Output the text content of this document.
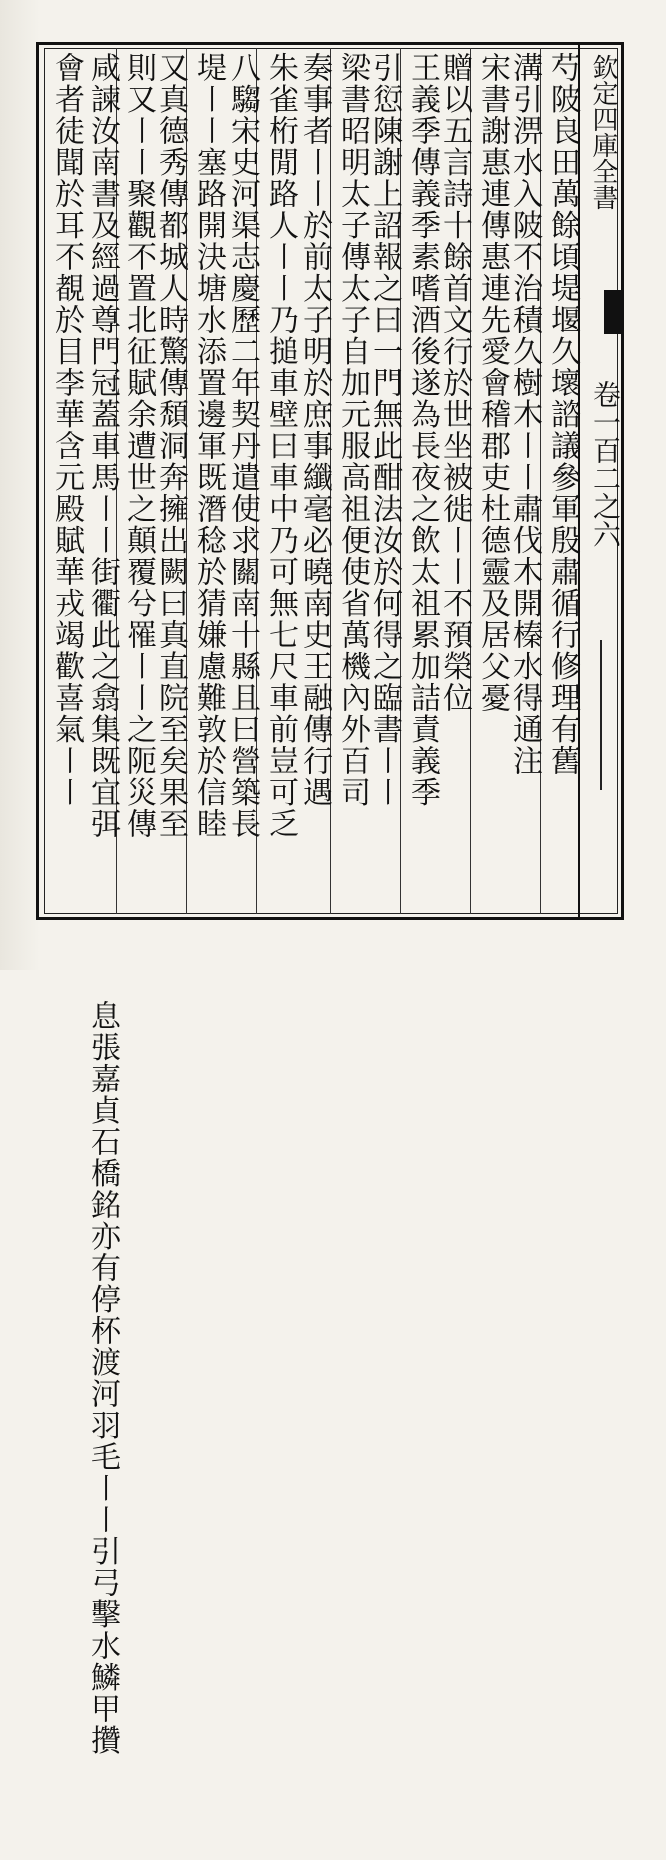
芍陂良田萬餘頃堤堰久壞諮議參軍殷肅循行修理有舊
溝引淠水入陂不治積久樹木〡〡肅伐木開榛水得通注
宋書謝惠連傳惠連先愛會稽郡吏杜德靈及居父憂
贈以五言詩十餘首文行於世坐被徙〡〡不預榮位
王義季傳義季素嗜酒後遂為長夜之飲太祖累加詰責義季
引愆陳謝上詔報之曰一門無此酣法汝於何得之臨書〡〡
梁書昭明太子傳太子自加元服高祖便使省萬機內外百司
奏事者〡〡於前太子明於庶事纖毫必曉南史王融傳行遇
朱雀桁閒路人〡〡乃搥車壁曰車中乃可無七尺車前豈可乏
八騶宋史河渠志慶歷二年契丹遣使求關南十縣且曰營築長
堤〡〡塞路開決塘水添置邊軍既潛稔於猜嫌慮難敦於信睦
又真德秀傳都城人時驚傳頹洞奔擁出闕曰真直院至矣果至
則又〡〡聚觀不置北征賦余遭世之顛覆兮罹〡〡之阨災傳
咸諫汝南書及經過尊門冠蓋車馬〡〡街衢此之翕集既宜弭
息張嘉貞石橋銘亦有停杯渡河羽毛〡〡引弓擊水鱗甲攢
會者徒聞於耳不覩於目李華含元殿賦華戎竭歡喜氣〡〡	欽定四庫全書
卷一百二之六
